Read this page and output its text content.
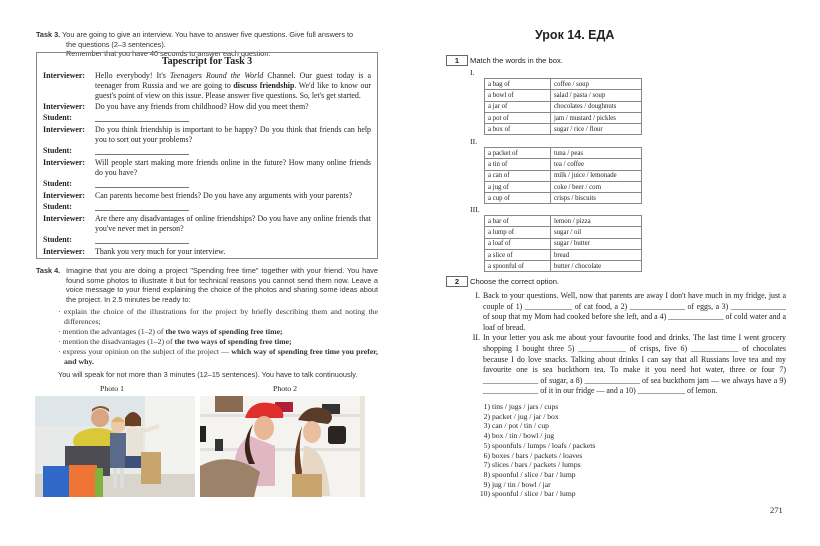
Task 3. You are going to give an interview. You have to answer five questions. Give full answers to
the questions (2–3 sentences).
Remember that you have 40 seconds to answer each question.
Tapescript for Task 3
Interviewer:	Hello everybody! It's Teenagers Round the World Channel. Our guest today is a teenager from Russia and we are going to discuss friendship. We'd like to know our guest's point of view on this issue. Please answer five questions. So, let's get started.
Interviewer:	Do you have any friends from childhood? How did you meet them?
Student:
Interviewer:	Do you think friendship is important to be happy? Do you think that friends can help you to sort out your problems?
Student:
Interviewer:	Will people start making more friends online in the future? How many online friends do you have?
Student:
Interviewer:	Can parents become best friends? Do you have any arguments with your parents?
Student:
Interviewer:	Are there any disadvantages of online friendships? Do you have any online friends that you've never met in person?
Student:
Interviewer:	Thank you very much for your interview.
Task 4. Imagine that you are doing a project "Spending free time" together with your friend. You have found some photos to illustrate it but for technical reasons you cannot send them now. Leave a voice message to your friend explaining the choice of the photos and sharing some ideas about the project. In 2.5 minutes be ready to:
· explain the choice of the illustrations for the project by briefly describing them and noting the differences;
· mention the advantages (1–2) of the two ways of spending free time;
· mention the disadvantages (1–2) of the two ways of spending free time;
· express your opinion on the subject of the project — which way of spending free time you prefer, and why.
You will speak for not more than 3 minutes (12–15 sentences). You have to talk continuously.
Photo 1	Photo 2
Урок 14. ЕДА
1	Match the words in the box.
I.
a bag of	coffee / soup
a bowl of	salad / pasta / soup
a jar of	chocolates / doughnuts
a pot of	jam / mustard / pickles
a box of	sugar / rice / flour
II.
a packet of	tuna / peas
a tin of	tea / coffee
a can of	milk / juice / lemonade
a jug of	coke / beer / corn
a cup of	crisps / biscuits
III.
a bar of	lemon / pizza
a lump of	sugar / oil
a loaf of	sugar / butter
a slice of	bread
a spoonful of	butter / chocolate
2	Choose the correct option.
I. Back to your questions. Well, now that parents are away I don't have much in my fridge, just a couple of 1) ____________ of cat food, a 2) ______________ of eggs, a 3) ______________ of soup that my Mom had cooked before she left, and a 4) ______________ of cold water and a loaf of bread.
II. In your letter you ask me about your favourite food and drinks. The last time I went grocery shopping I bought three 5) ____________ of crisps, five 6) ____________ of chocolates because I do love snacks. Talking about drinks I can say that all Russians love tea and my favourite one is sea buckthorn tea. To make it you need hot water, three or four 7) ______________ of sugar, a 8) ______________ of sea buckthorn jam — we always have a 9) ______________ of it in our fridge — and a 10) ____________ of lemon.
1) tins / jugs / jars / cups
2) packet / jug / jar / box
3) can / pot / tin / cup
4) box / tin / bowl / jug
5) spoonfuls / lumps / loafs / packets
6) boxes / bars / packets / loaves
7) slices / bars / packets / lumps
8) spoonful / slice / bar / lump
9) jug / tin / bowl / jar
10) spoonful / slice / bar / lump
271
